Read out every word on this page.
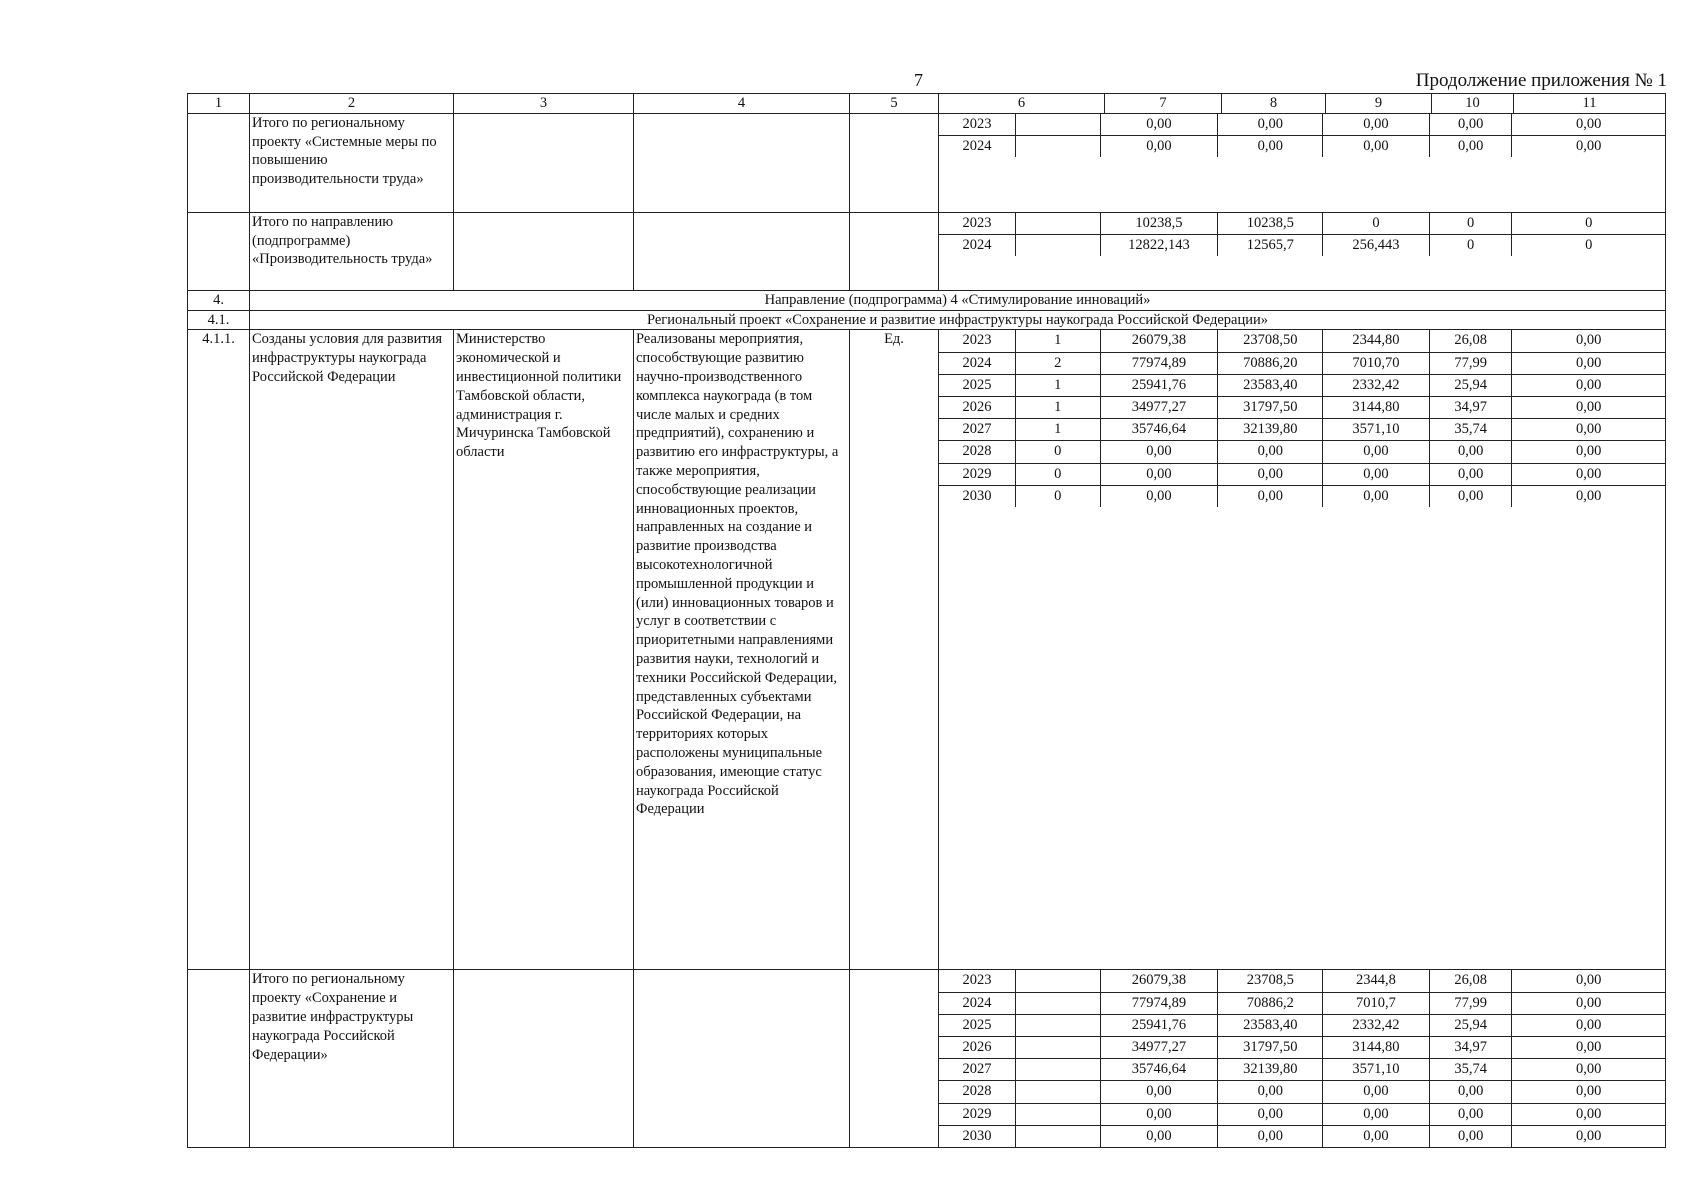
7	Продолжение приложения № 1
1	2	3	4	5	6	7	8	9	10	11
	Итого по региональному проекту «Системные меры по повышению производительности труда»				
2023		0,00	0,00	0,00	0,00	0,00
2024		0,00	0,00	0,00	0,00	0,00

	Итого по направлению (подпрограмме) «Производительность труда»				
2023		10238,5	10238,5	0	0	0
2024		12822,143	12565,7	256,443	0	0

4.	Направление (подпрограмма) 4 «Стимулирование инноваций»
4.1.	Региональный проект «Сохранение и развитие инфраструктуры наукограда Российской Федерации»
4.1.1.	Созданы условия для развития инфраструктуры наукограда Российской Федерации	Министерство экономической и инвестиционной политики Тамбовской области, администрация г. Мичуринска Тамбовской области	Реализованы мероприятия, способствующие развитию научно-производственного комплекса наукограда (в том числе малых и средних предприятий), сохранению и развитию его инфраструктуры, а также мероприятия, способствующие реализации инновационных проектов, направленных на создание и развитие производства высокотехнологичной промышленной продукции и (или) инновационных товаров и услуг в соответствии с приоритетными направлениями развития науки, технологий и техники Российской Федерации, представленных субъектами Российской Федерации, на территориях которых расположены муниципальные образования, имеющие статус наукограда Российской Федерации	Ед.		2023	1	26079,38	23708,50	2344,80	26,08	0,00
2024	2	77974,89	70886,20	7010,70	77,99	0,00
2025	1	25941,76	23583,40	2332,42	25,94	0,00
2026	1	34977,27	31797,50	3144,80	34,97	0,00
2027	1	35746,64	32139,80	3571,10	35,74	0,00
2028	0	0,00	0,00	0,00	0,00	0,00
2029	0	0,00	0,00	0,00	0,00	0,00
2030	0	0,00	0,00	0,00	0,00	0,00

	Итого по региональному проекту «Сохранение и развитие инфраструктуры наукограда Российской Федерации»				
2023		26079,38	23708,5	2344,8	26,08	0,00
2024		77974,89	70886,2	7010,7	77,99	0,00
2025		25941,76	23583,40	2332,42	25,94	0,00
2026		34977,27	31797,50	3144,80	34,97	0,00
2027		35746,64	32139,80	3571,10	35,74	0,00
2028		0,00	0,00	0,00	0,00	0,00
2029		0,00	0,00	0,00	0,00	0,00
2030		0,00	0,00	0,00	0,00	0,00
